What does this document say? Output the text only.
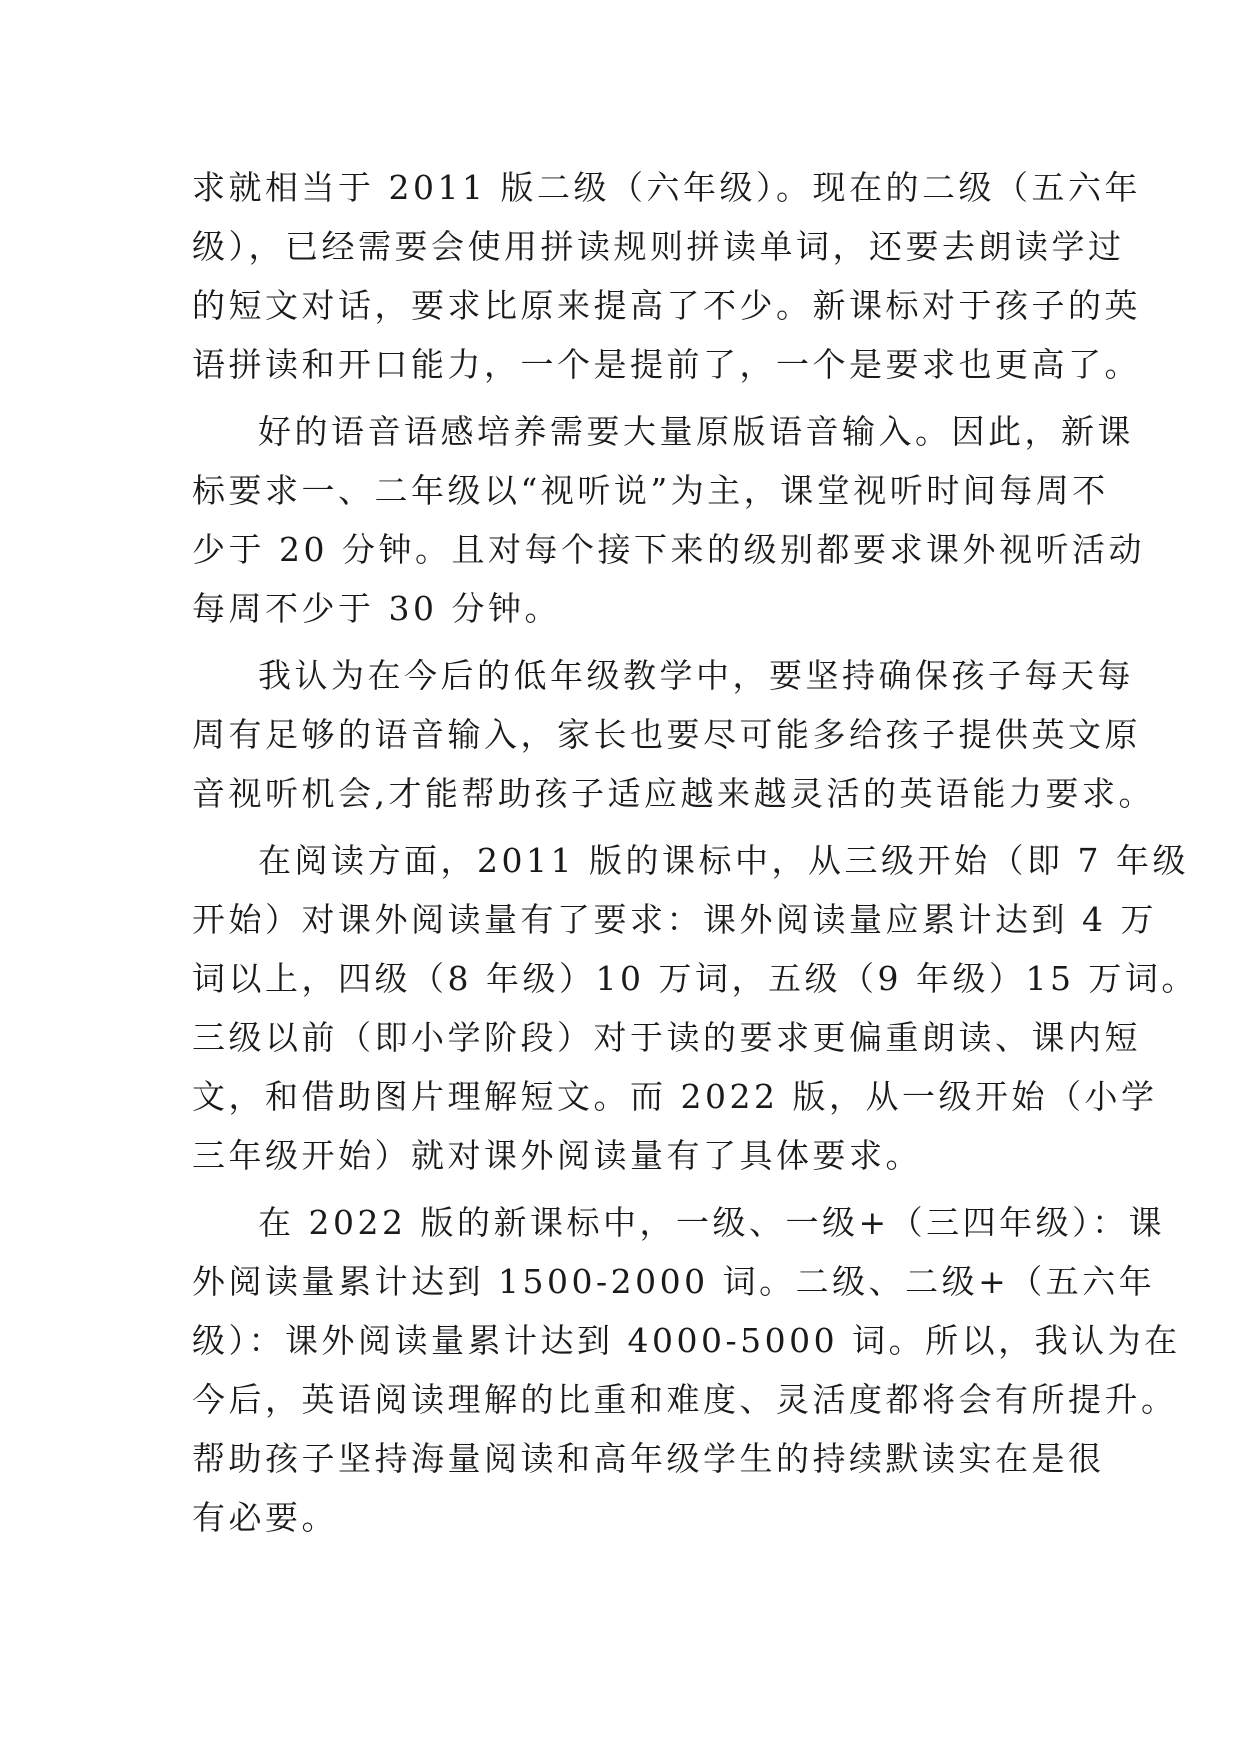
求就相当于 2011 版二级（六年级）。现在的二级（五六年
级），已经需要会使用拼读规则拼读单词，还要去朗读学过
的短文对话，要求比原来提高了不少。新课标对于孩子的英
语拼读和开口能力，一个是提前了，一个是要求也更高了。
好的语音语感培养需要大量原版语音输入。因此，新课
标要求一、二年级以“视听说”为主，课堂视听时间每周不
少于 20 分钟。且对每个接下来的级别都要求课外视听活动
每周不少于 30 分钟。
我认为在今后的低年级教学中，要坚持确保孩子每天每
周有足够的语音输入，家长也要尽可能多给孩子提供英文原
音视听机会,才能帮助孩子适应越来越灵活的英语能力要求。
在阅读方面，2011 版的课标中，从三级开始（即 7 年级
开始）对课外阅读量有了要求：课外阅读量应累计达到 4 万
词以上，四级（8 年级）10 万词，五级（9 年级）15 万词。
三级以前（即小学阶段）对于读的要求更偏重朗读、课内短
文，和借助图片理解短文。而 2022 版，从一级开始（小学
三年级开始）就对课外阅读量有了具体要求。
在 2022 版的新课标中，一级、一级+（三四年级）：课
外阅读量累计达到 1500-2000 词。二级、二级+（五六年
级）：课外阅读量累计达到 4000-5000 词。所以，我认为在
今后，英语阅读理解的比重和难度、灵活度都将会有所提升。
帮助孩子坚持海量阅读和高年级学生的持续默读实在是很
有必要。
